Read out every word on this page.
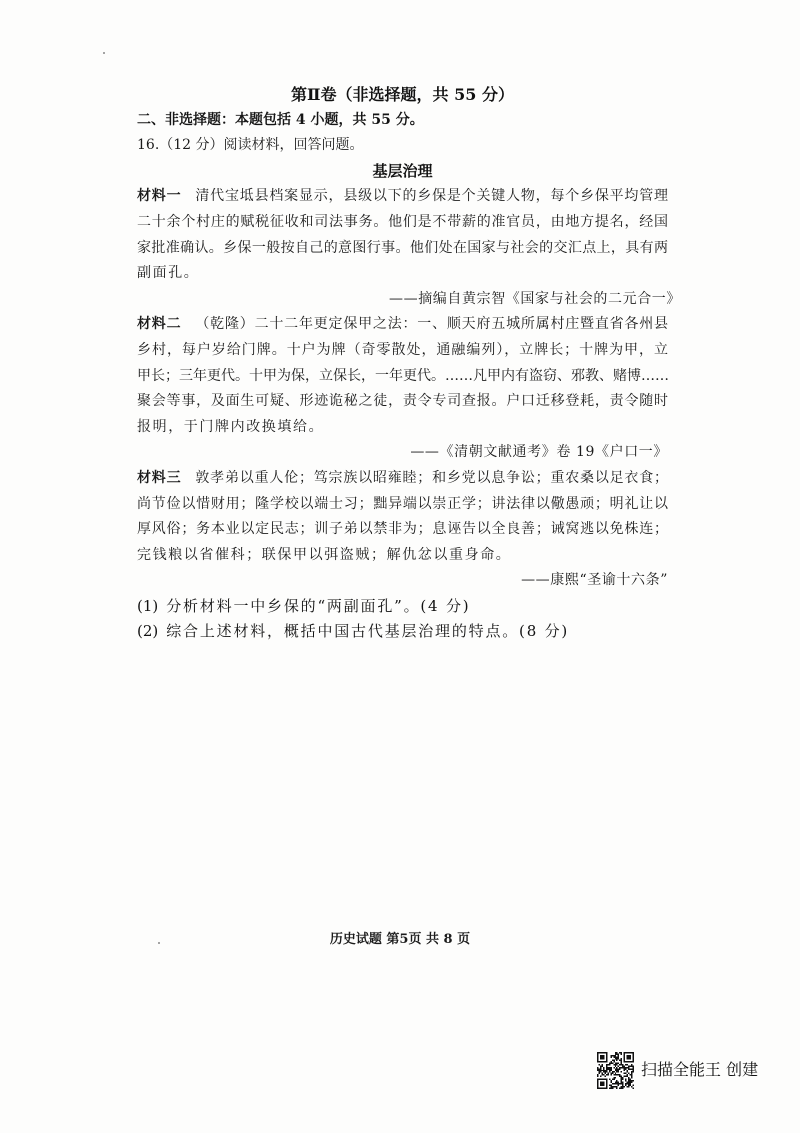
第Ⅱ卷（非选择题，共 55 分）
二、非选择题：本题包括 4 小题，共 55 分。
16.（12 分）阅读材料，回答问题。
基层治理
材料一 清代宝坻县档案显示，县级以下的乡保是个关键人物，每个乡保平均管理
二十余个村庄的赋税征收和司法事务。他们是不带薪的准官员，由地方提名，经国
家批准确认。乡保一般按自己的意图行事。他们处在国家与社会的交汇点上，具有两
副面孔。
——摘编自黄宗智《国家与社会的二元合一》
材料二 （乾隆）二十二年更定保甲之法：一、顺天府五城所属村庄暨直省各州县
乡村，每户岁给门牌。十户为牌（奇零散处，通融编列），立牌长；十牌为甲，立
甲长；三年更代。十甲为保，立保长，一年更代。……凡甲内有盗窃、邪教、赌博……
聚会等事，及面生可疑、形迹诡秘之徒，责令专司查报。户口迁移登耗，责令随时
报明，于门牌内改换填给。
——《清朝文献通考》卷 19《户口一》
材料三 敦孝弟以重人伦；笃宗族以昭雍睦；和乡党以息争讼；重农桑以足衣食；
尚节俭以惜财用；隆学校以端士习；黜异端以崇正学；讲法律以儆愚顽；明礼让以
厚风俗；务本业以定民志；训子弟以禁非为；息诬告以全良善；诫窝逃以免株连；
完钱粮以省催科；联保甲以弭盗贼；解仇忿以重身命。
——康熙“圣谕十六条”
(1) 分析材料一中乡保的“两副面孔”。(4 分)
(2) 综合上述材料，概括中国古代基层治理的特点。(8 分)
历史试题 第5页 共 8 页
扫描全能王 创建
